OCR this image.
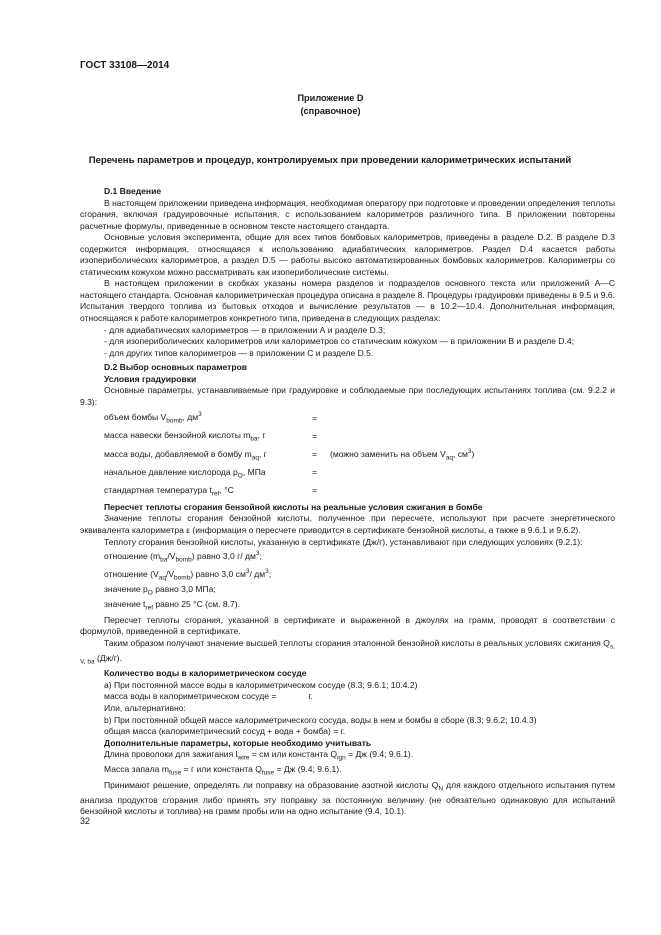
ГОСТ 33108—2014
Приложение D
(справочное)
Перечень параметров и процедур, контролируемых при проведении калориметрических испытаний

D.1 Введение

В настоящем приложении приведена информация, необходимая оператору при подготовке и проведении определения теплоты сгорания, включая градуировочные испытания, с использованием калориметров различного типа. В приложении повторены расчетные формулы, приведенные в основном тексте настоящего стандарта.

Основные условия эксперимента, общие для всех типов бомбовых калориметров, приведены в разделе D.2. В разделе D.3 содержится информация, относящаяся к использованию адиабатических калориметров. Раздел D.4 касается работы изопериболических калориметров, а раздел D.5 — работы высоко автоматизированных бомбовых калориметров. Калориметры со статическим кожухом можно рассматривать как изопериболические системы.

В настоящем приложении в скобках указаны номера разделов и подразделов основного текста или приложений А—С настоящего стандарта. Основная калориметрическая процедура описана в разделе 8. Процедуры градуировки приведены в 9.5 и 9.6. Испытания твердого топлива из бытовых отходов и вычисление результатов — в 10.2—10.4. Дополнительная информация, относящаяся к работе калориметров конкретного типа, приведена в следующих разделах:

- для адиабатических калориметров — в приложении А и разделе D.3;

- для изопериболических калориметров или калориметров со статическим кожухом — в приложении В и разделе D.4;

- для других типов калориметров — в приложении С и разделе D.5.

D.2 Выбор основных параметров

Условия градуировки

Основные параметры, устанавливаемые при градуировке и соблюдаемые при последующих испытаниях топлива (см. 9.2.2 и 9.3):

объем бомбы $V_{bomb}$, $дм^3$	=	
масса навески бензойной кислоты $m_{ba}$, г	=	
масса воды, добавляемой в бомбу $m_{aq}$, г	=	(можно заменить на объем $V_{aq}$, $см^3$)
начальное давление кислорода $p_O$, МПа	=	
стандартная температура $t_{ref}$, °С	=	

Пересчет теплоты сгорания бензойной кислоты на реальные условия сжигания в бомбе

Значение теплоты сгорания бензойной кислоты, полученное при пересчете, используют при расчете энергетического эквивалента калориметра ε (информация о пересчете приводится в сертификате бензойной кислоты, а также в 9.6.1 и 9.6.2).

Теплоту сгорания бензойной кислоты, указанную в сертификате (Дж/г), устанавливают при следующих условиях (9.2.1):

отношение $(m_{ba}/V_{bomb})$ равно 3,0 г/ $дм^3$;

отношение $(V_{aq}/V_{bomb})$ равно 3,0 $см^3/$ $дм^3$;

значение $p_O$ равно 3,0 МПа;

значение $t_{ref}$ равно 25 °С (см. 8.7).

Пересчет теплоты сгорания, указанной в сертификате и выраженной в джоулях на грамм, проводят в соответствии с формулой, приведенной в сертификате.

Таким образом получают значение высшей теплоты сгорания эталонной бензойной кислоты в реальных условиях сжигания $Q_{s, V, ba}$ (Дж/г).

Количество воды в калориметрическом сосуде

а) При постоянной массе воды в калориметрическом сосуде (8.3; 9.6.1; 10.4.2)

масса воды в калориметрическом сосуде =	г.

Или, альтернативно:

b) При постоянной общей массе калориметрического сосуда, воды в нем и бомбы в сборе (8.3; 9.6.2; 10.4.3)

общая масса (калориметрический сосуд + вода + бомба) = г.

Дополнительные параметры, которые необходимо учитывать

Длина проволоки для зажигания $l_{wire}$ = см или константа $Q_{ign}$ = Дж (9.4; 9.6.1).

Масса запала $m_{fuse} = г$ или константа $Q_{fuse}$ = Дж (9.4; 9.6.1).

Принимают решение, определять ли поправку на образование азотной кислоты $Q_N$ для каждого отдельного испытания путем анализа продуктов сгорания либо принять эту поправку за постоянную величину (не обязательно одинаковую для испытаний бензойной кислоты и топлива) на грамм пробы или на одно испытание (9.4, 10.1).

32
